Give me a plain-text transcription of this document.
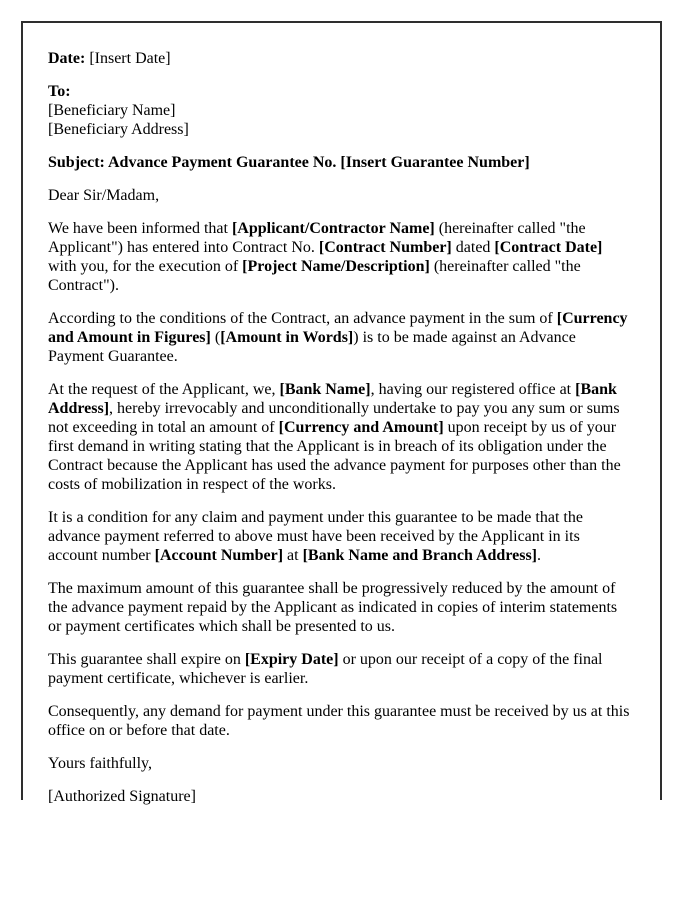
Date: [Insert Date]

To:
[Beneficiary Name]
[Beneficiary Address]

Subject: Advance Payment Guarantee No. [Insert Guarantee Number]

Dear Sir/Madam,

We have been informed that [Applicant/Contractor Name] (hereinafter called "the Applicant") has entered into Contract No. [Contract Number] dated [Contract Date] with you, for the execution of [Project Name/Description] (hereinafter called "the Contract").

According to the conditions of the Contract, an advance payment in the sum of [Currency and Amount in Figures] ([Amount in Words]) is to be made against an Advance Payment Guarantee.

At the request of the Applicant, we, [Bank Name], having our registered office at [Bank Address], hereby irrevocably and unconditionally undertake to pay you any sum or sums not exceeding in total an amount of [Currency and Amount] upon receipt by us of your first demand in writing stating that the Applicant is in breach of its obligation under the Contract because the Applicant has used the advance payment for purposes other than the costs of mobilization in respect of the works.

It is a condition for any claim and payment under this guarantee to be made that the advance payment referred to above must have been received by the Applicant in its account number [Account Number] at [Bank Name and Branch Address].

The maximum amount of this guarantee shall be progressively reduced by the amount of the advance payment repaid by the Applicant as indicated in copies of interim statements or payment certificates which shall be presented to us.

This guarantee shall expire on [Expiry Date] or upon our receipt of a copy of the final payment certificate, whichever is earlier.

Consequently, any demand for payment under this guarantee must be received by us at this office on or before that date.

Yours faithfully,

[Authorized Signature]
